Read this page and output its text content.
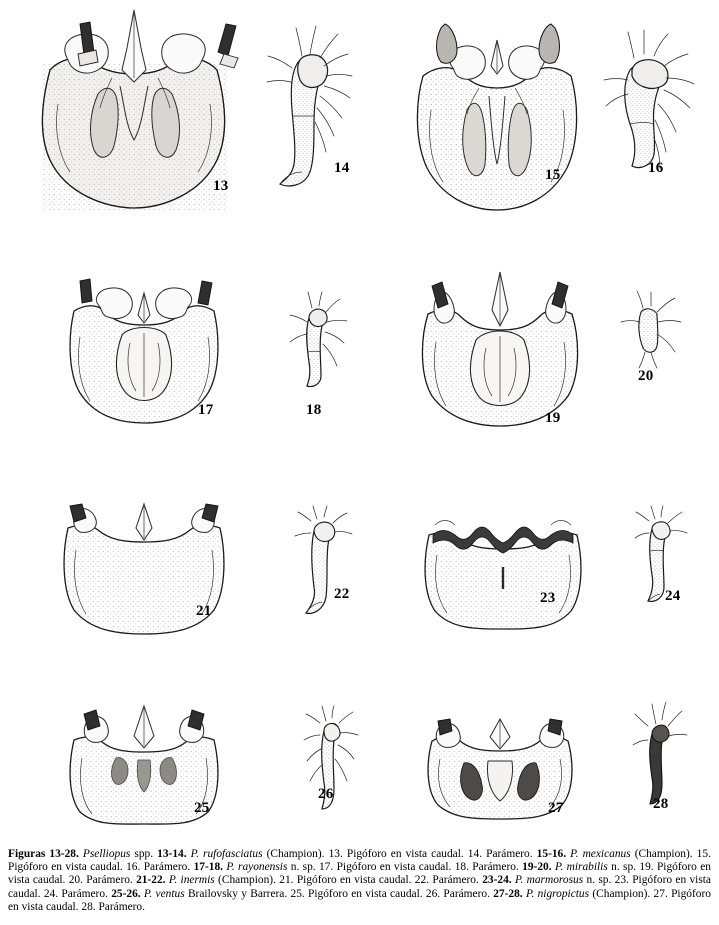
13
14	15	16
17	18	19
20
21
22	23	24
25
26
27	28
Figuras 13-28. Pselliopus spp. 13-14. P. rufofasciatus (Champion). 13. Pigóforo en vista caudal. 14. Parámero. 15-16. P. mexicanus (Champion). 15. Pigóforo en vista caudal. 16. Parámero. 17-18. P. rayonensis n. sp. 17. Pigóforo en vista caudal. 18. Parámero. 19-20. P. mirabilis n. sp. 19. Pigóforo en vista caudal. 20. Parámero. 21-22. P. inermis (Champion). 21. Pigóforo en vista caudal. 22. Parámero. 23-24. P. marmorosus n. sp. 23. Pigóforo en vista caudal. 24. Parámero. 25-26. P. ventus Brailovsky y Barrera. 25. Pigóforo en vista caudal. 26. Parámero. 27-28. P. nigropictus (Champion). 27. Pigóforo en vista caudal. 28. Parámero.
